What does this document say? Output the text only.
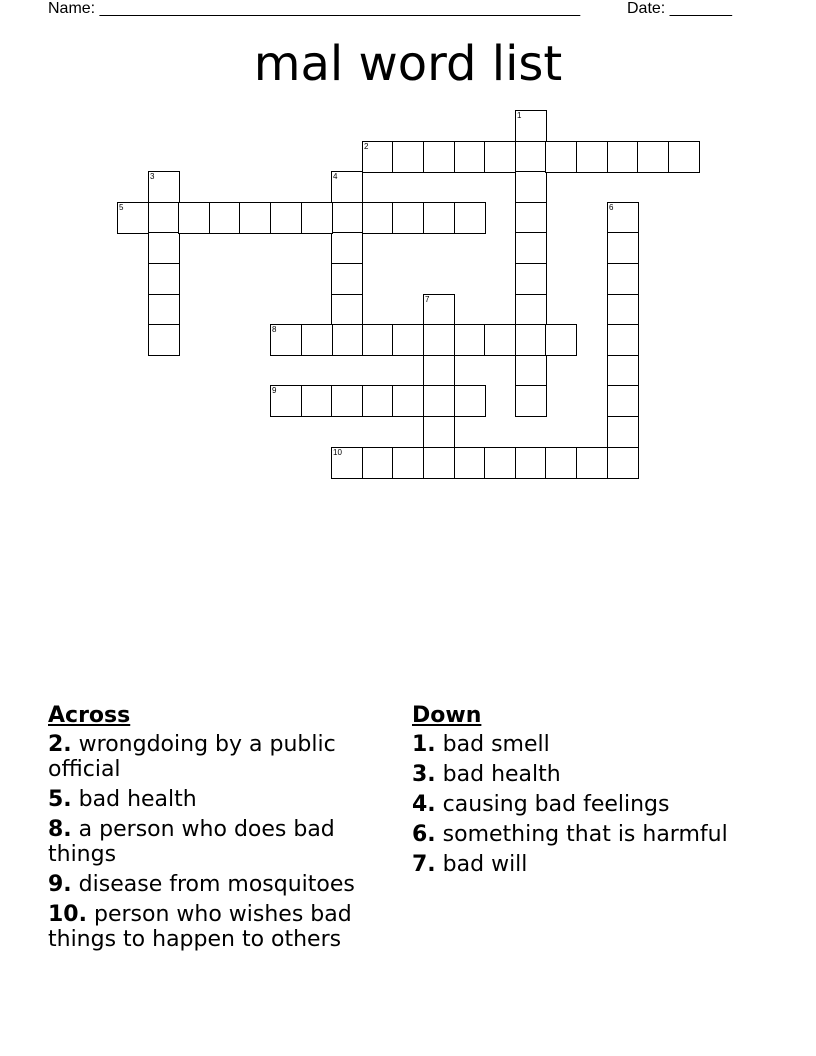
Name: ______________________________________________________	Date: _______
mal word list
1
2
3	4
5	6
7
8
9
10
Across
2. wrongdoing by a public official
5. bad health
8. a person who does bad things
9. disease from mosquitoes
10. person who wishes bad things to happen to others
Down
1. bad smell
3. bad health
4. causing bad feelings
6. something that is harmful
7. bad will
